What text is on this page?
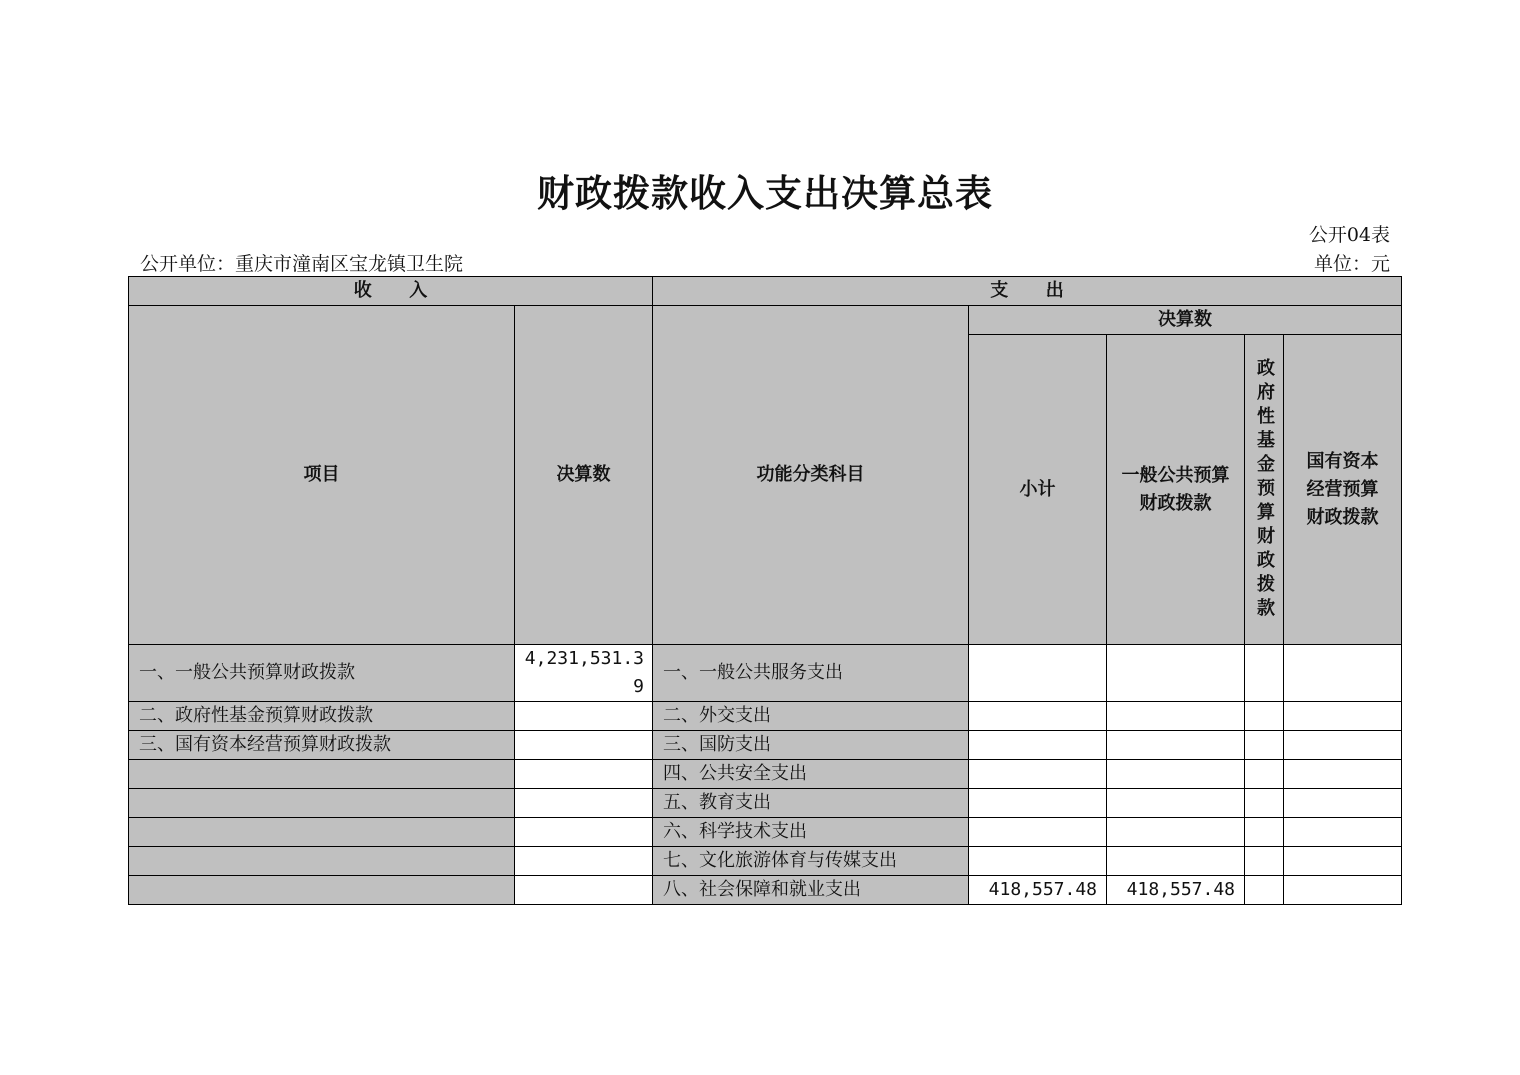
财政拨款收入支出决算总表
公开04表
公开单位：重庆市潼南区宝龙镇卫生院	单位：元
收      入		支      出				
项目	决算数	功能分类科目	决算数			
			小计	一般公共预算财政拨款	政府性基金预算财政拨款	国有资本经营预算财政拨款
一、一般公共预算财政拨款	4,231,531.39	一、一般公共服务支出				
二、政府性基金预算财政拨款		二、外交支出				
三、国有资本经营预算财政拨款		三、国防支出				
		四、公共安全支出				
		五、教育支出				
		六、科学技术支出				
		七、文化旅游体育与传媒支出				
		八、社会保障和就业支出	418,557.48	418,557.48		
